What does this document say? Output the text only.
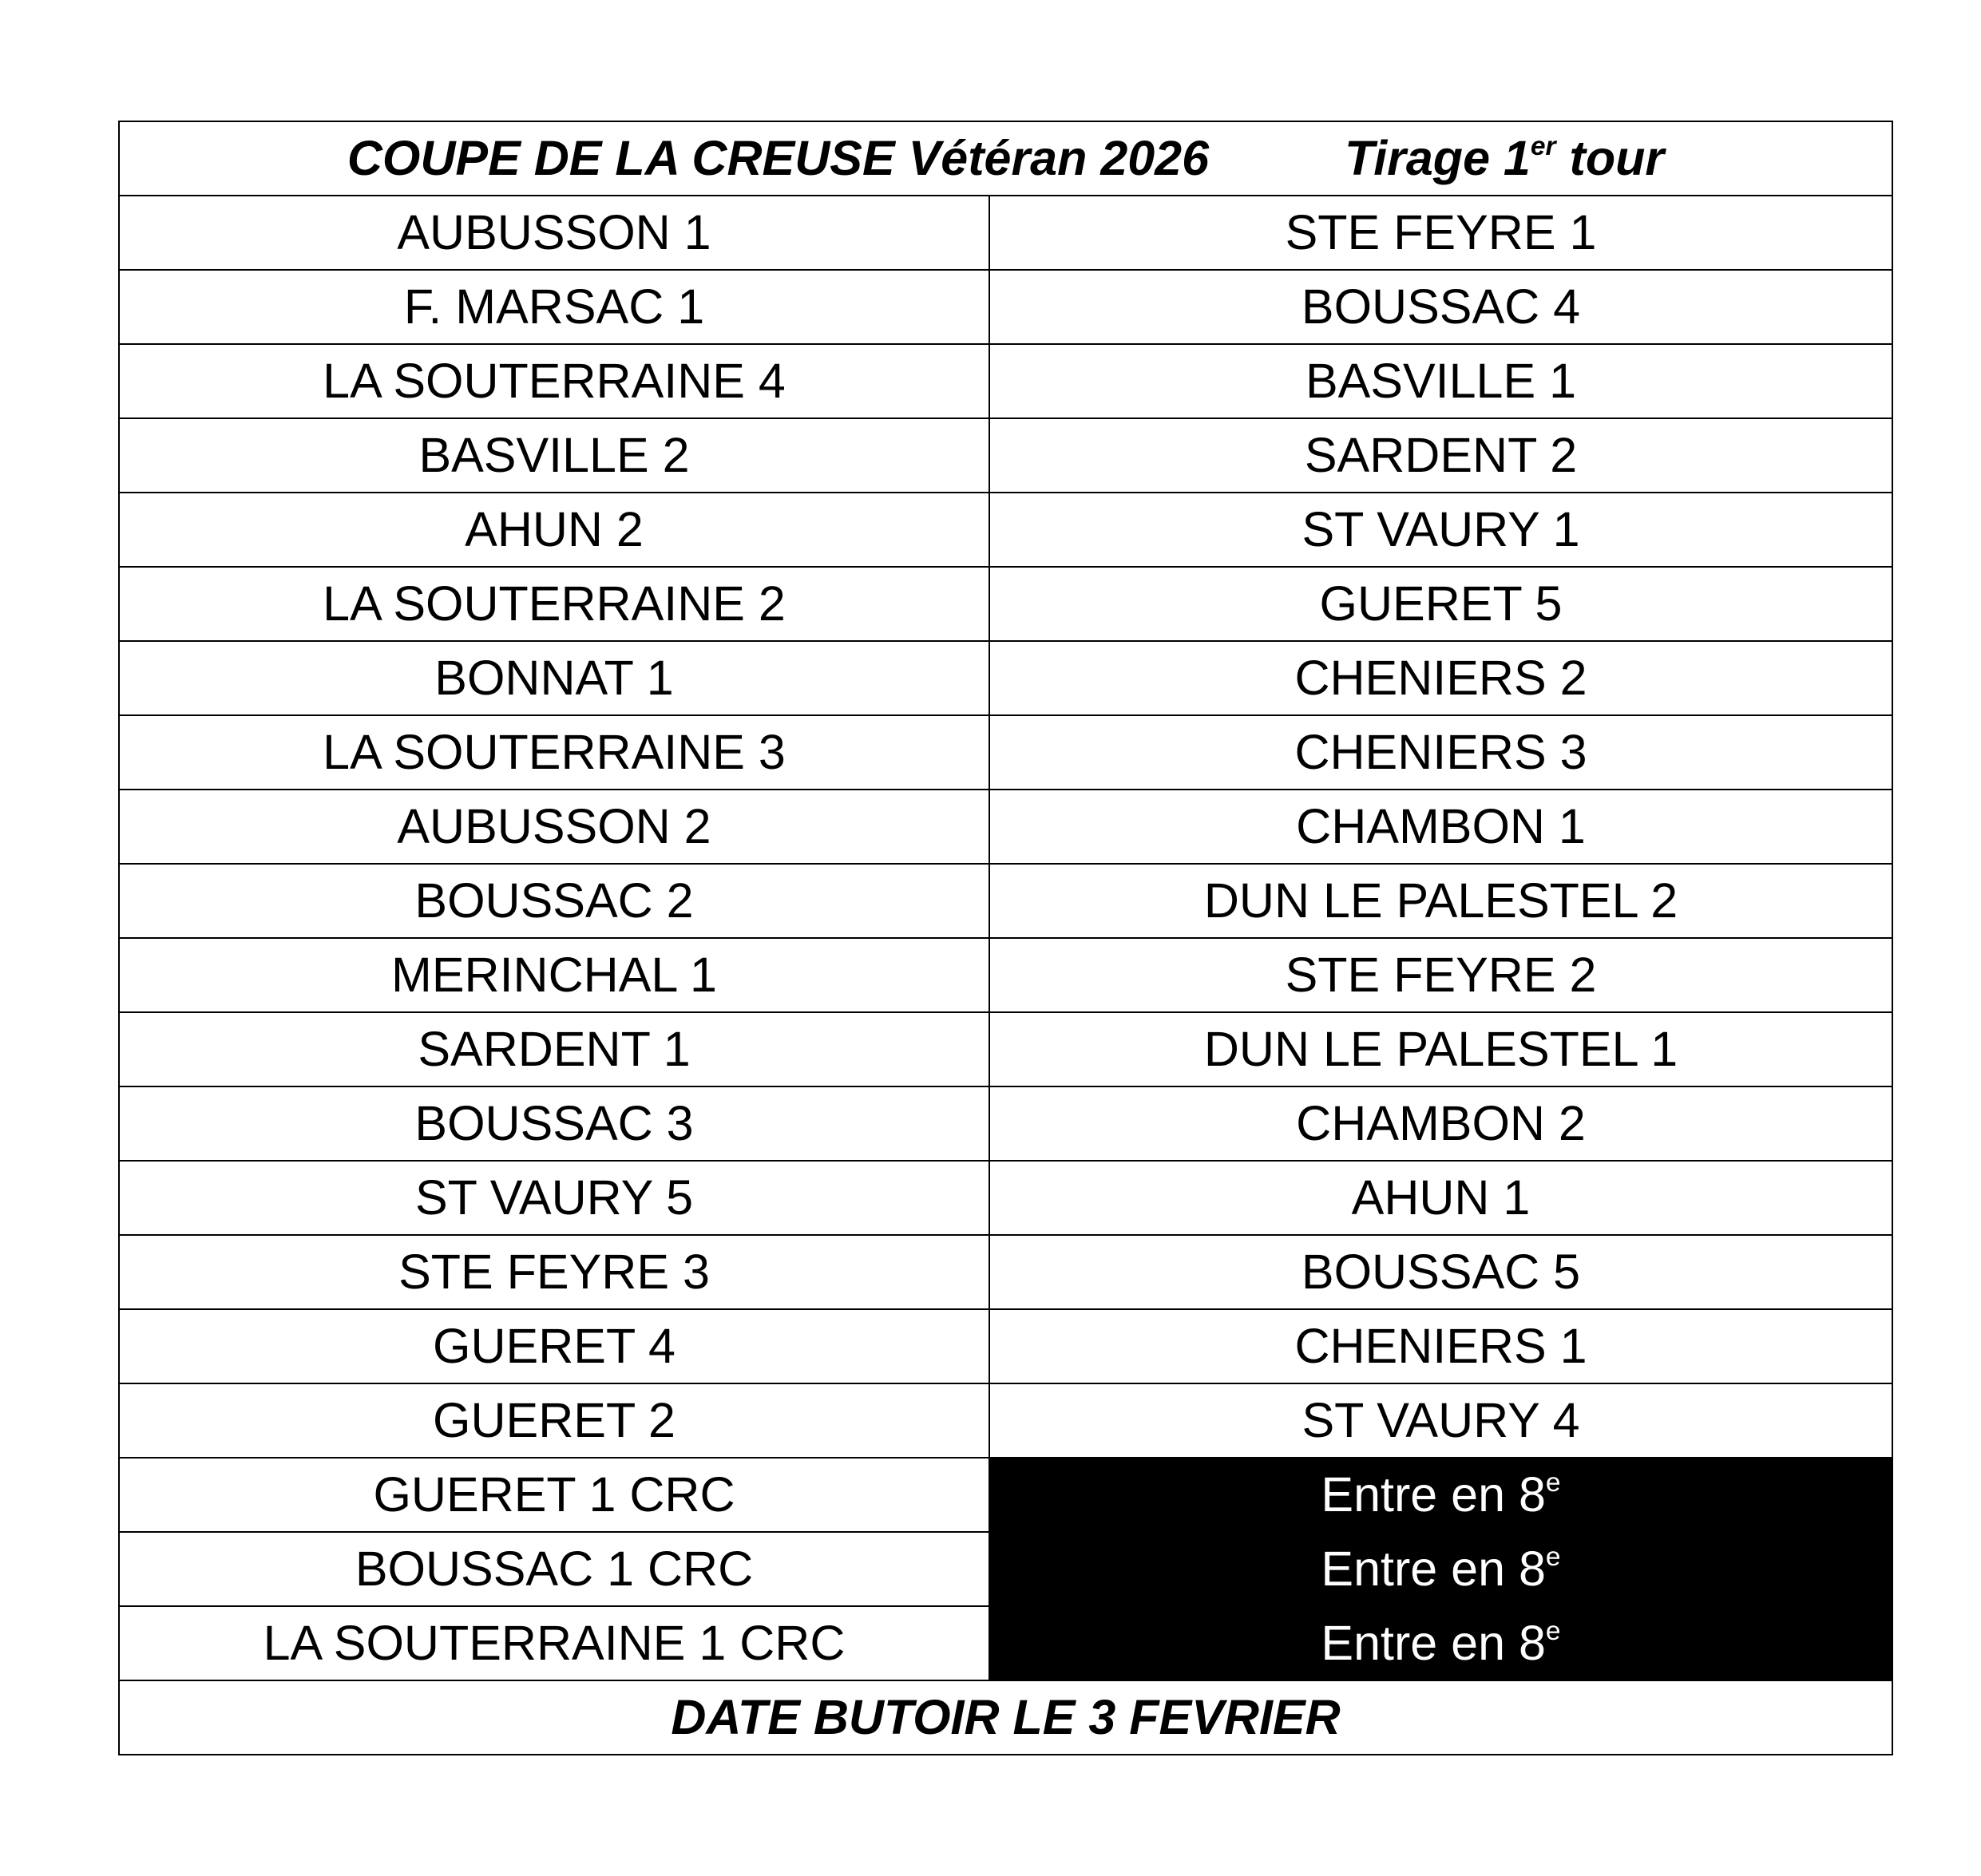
COUPE DE LA CREUSE Vétéran 2026 Tirage 1er tour	
AUBUSSON 1	STE FEYRE 1
F. MARSAC 1	BOUSSAC 4
LA SOUTERRAINE 4	BASVILLE 1
BASVILLE 2	SARDENT 2
AHUN 2	ST VAURY 1
LA SOUTERRAINE 2	GUERET 5
BONNAT 1	CHENIERS 2
LA SOUTERRAINE 3	CHENIERS 3
AUBUSSON 2	CHAMBON 1
BOUSSAC 2	DUN LE PALESTEL 2
MERINCHAL 1	STE FEYRE 2
SARDENT 1	DUN LE PALESTEL 1
BOUSSAC 3	CHAMBON 2
ST VAURY 5	AHUN 1
STE FEYRE 3	BOUSSAC 5
GUERET 4	CHENIERS 1
GUERET 2	ST VAURY 4
GUERET 1 CRC	Entre en 8e
BOUSSAC 1 CRC	Entre en 8e
LA SOUTERRAINE 1 CRC	Entre en 8e
DATE BUTOIR LE 3 FEVRIER	
